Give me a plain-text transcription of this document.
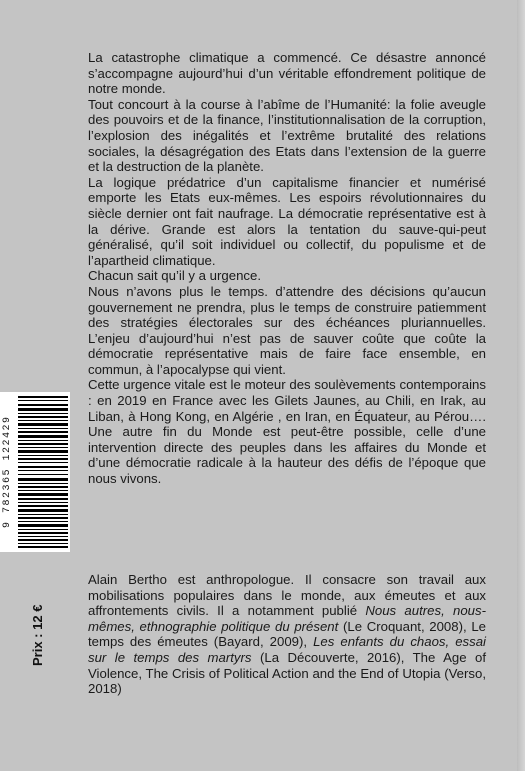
La catastrophe climatique a commencé. Ce désastre annoncé s’accompagne aujourd’hui d’un véritable effondrement politique de notre monde.

Tout concourt à la course à l’abîme de l’Humanité: la folie aveugle des pouvoirs et de la finance, l’institutionnalisation de la corruption, l’explosion des inégalités et l’extrême brutalité des relations sociales, la désagrégation des Etats dans l’extension de la guerre et la destruction de la planète.

La logique prédatrice d’un capitalisme financier et numérisé emporte les Etats eux-mêmes. Les espoirs révolutionnaires du siècle dernier ont fait naufrage. La démocratie représentative est à la dérive. Grande est alors la tentation du sauve-qui-peut généralisé, qu’il soit individuel ou collectif, du populisme et de l’apartheid climatique.

Chacun sait qu’il y a urgence.

Nous n’avons plus le temps. d’attendre des décisions qu’aucun gouvernement ne prendra, plus le temps de construire patiemment des stratégies électorales sur des échéances pluriannuelles. L’enjeu d’aujourd’hui n’est pas de sauver coûte que coûte la démocratie représentative mais de faire face ensemble, en commun, à l’apocalypse qui vient.

Cette urgence vitale est le moteur des soulèvements contemporains : en 2019 en France avec les Gilets Jaunes, au Chili, en Irak, au Liban, à Hong Kong, en Algérie , en Iran, en Équateur, au Pérou…. Une autre fin du Monde est peut-être possible, celle d’une intervention directe des peuples dans les affaires du Monde et d’une démocratie radicale à la hauteur des défis de l’époque que nous vivons.

Alain Bertho est anthropologue. Il consacre son travail aux mobilisations populaires dans le monde, aux émeutes et aux affrontements civils. Il a notamment publié Nous autres, nous-mêmes, ethnographie politique du présent (Le Croquant, 2008), Le temps des émeutes (Bayard, 2009), Les enfants du chaos, essai sur le temps des martyrs (La Découverte, 2016), The Age of Violence, The Crisis of Political Action and the End of Utopia (Verso, 2018)
9 782365 122429
Prix : 12 €
